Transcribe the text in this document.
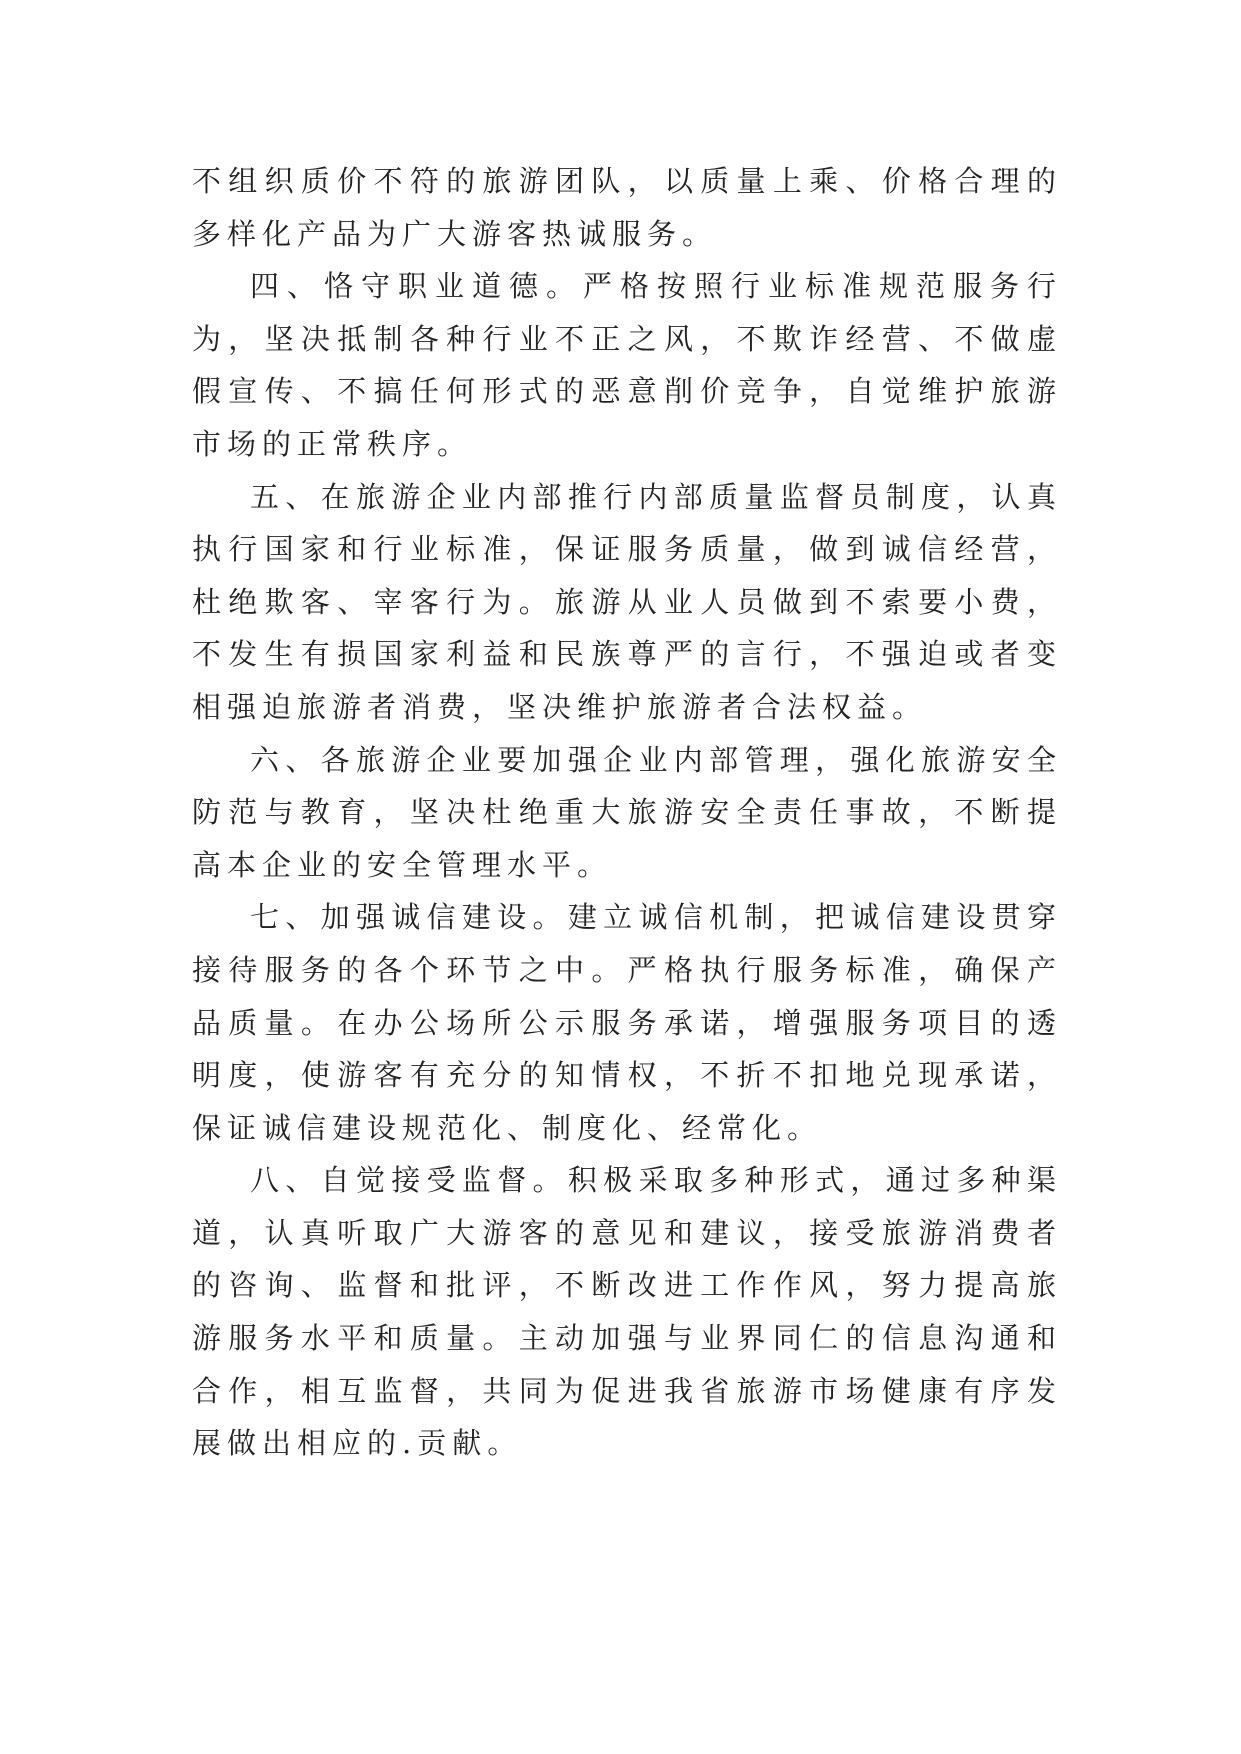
不组织质价不符的旅游团队，以质量上乘、价格合理的多样化产品为广大游客热诚服务。

四、恪守职业道德。严格按照行业标准规范服务行为，坚决抵制各种行业不正之风，不欺诈经营、不做虚假宣传、不搞任何形式的恶意削价竞争，自觉维护旅游市场的正常秩序。

五、在旅游企业内部推行内部质量监督员制度，认真执行国家和行业标准，保证服务质量，做到诚信经营，杜绝欺客、宰客行为。旅游从业人员做到不索要小费，不发生有损国家利益和民族尊严的言行，不强迫或者变相强迫旅游者消费，坚决维护旅游者合法权益。

六、各旅游企业要加强企业内部管理，强化旅游安全防范与教育，坚决杜绝重大旅游安全责任事故，不断提高本企业的安全管理水平。

七、加强诚信建设。建立诚信机制，把诚信建设贯穿接待服务的各个环节之中。严格执行服务标准，确保产品质量。在办公场所公示服务承诺，增强服务项目的透明度，使游客有充分的知情权，不折不扣地兑现承诺，保证诚信建设规范化、制度化、经常化。

八、自觉接受监督。积极采取多种形式，通过多种渠道，认真听取广大游客的意见和建议，接受旅游消费者的咨询、监督和批评，不断改进工作作风，努力提高旅游服务水平和质量。主动加强与业界同仁的信息沟通和合作，相互监督，共同为促进我省旅游市场健康有序发展做出相应的.贡献。
